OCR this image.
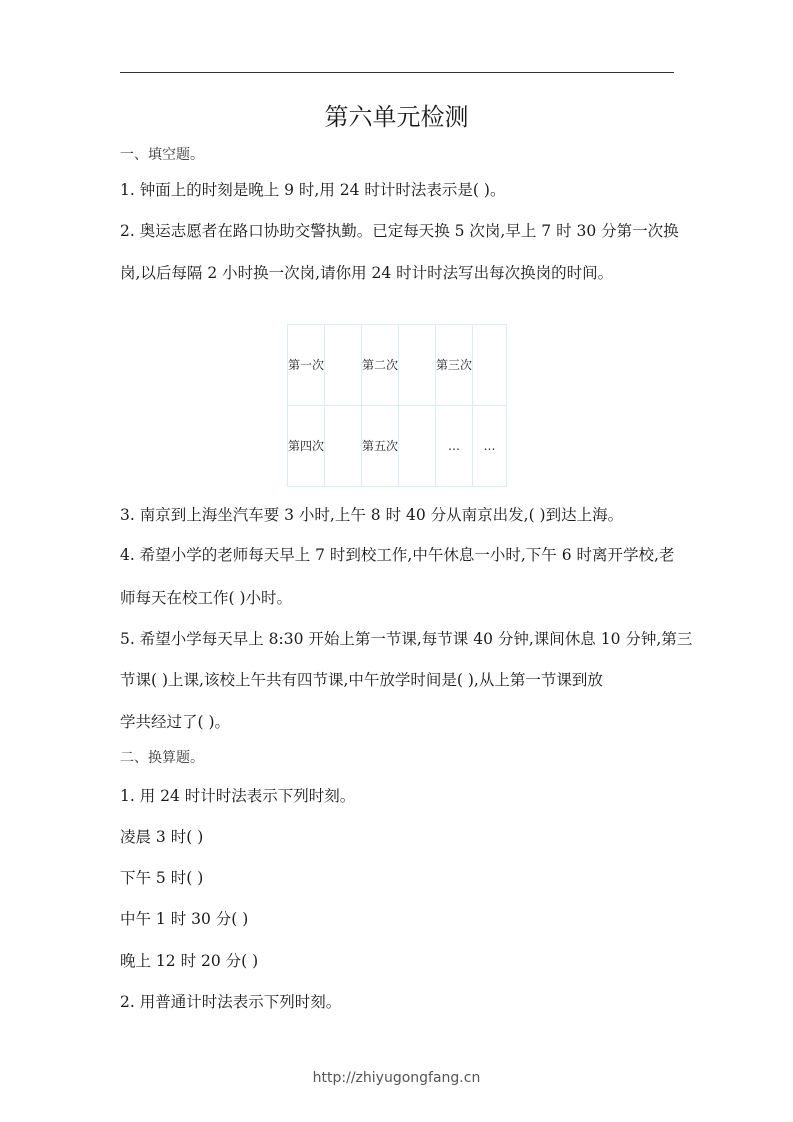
第六单元检测
一、填空题。
1. 钟面上的时刻是晚上 9 时,用 24 时计时法表示是( )。
2. 奥运志愿者在路口协助交警执勤。已定每天换 5 次岗,早上 7 时 30 分第一次换
岗,以后每隔 2 小时换一次岗,请你用 24 时计时法写出每次换岗的时间。
第一次		第二次		第三次	
第四次		第五次		…	…
3. 南京到上海坐汽车要 3 小时,上午 8 时 40 分从南京出发,( )到达上海。
4. 希望小学的老师每天早上 7 时到校工作,中午休息一小时,下午 6 时离开学校,老
师每天在校工作( )小时。
5. 希望小学每天早上 8:30 开始上第一节课,每节课 40 分钟,课间休息 10 分钟,第三
节课( )上课,该校上午共有四节课,中午放学时间是( ),从上第一节课到放
学共经过了( )。
二、换算题。
1. 用 24 时计时法表示下列时刻。
凌晨 3 时( )
下午 5 时( )
中午 1 时 30 分( )
晚上 12 时 20 分( )
2. 用普通计时法表示下列时刻。
http://zhiyugongfang.cn
